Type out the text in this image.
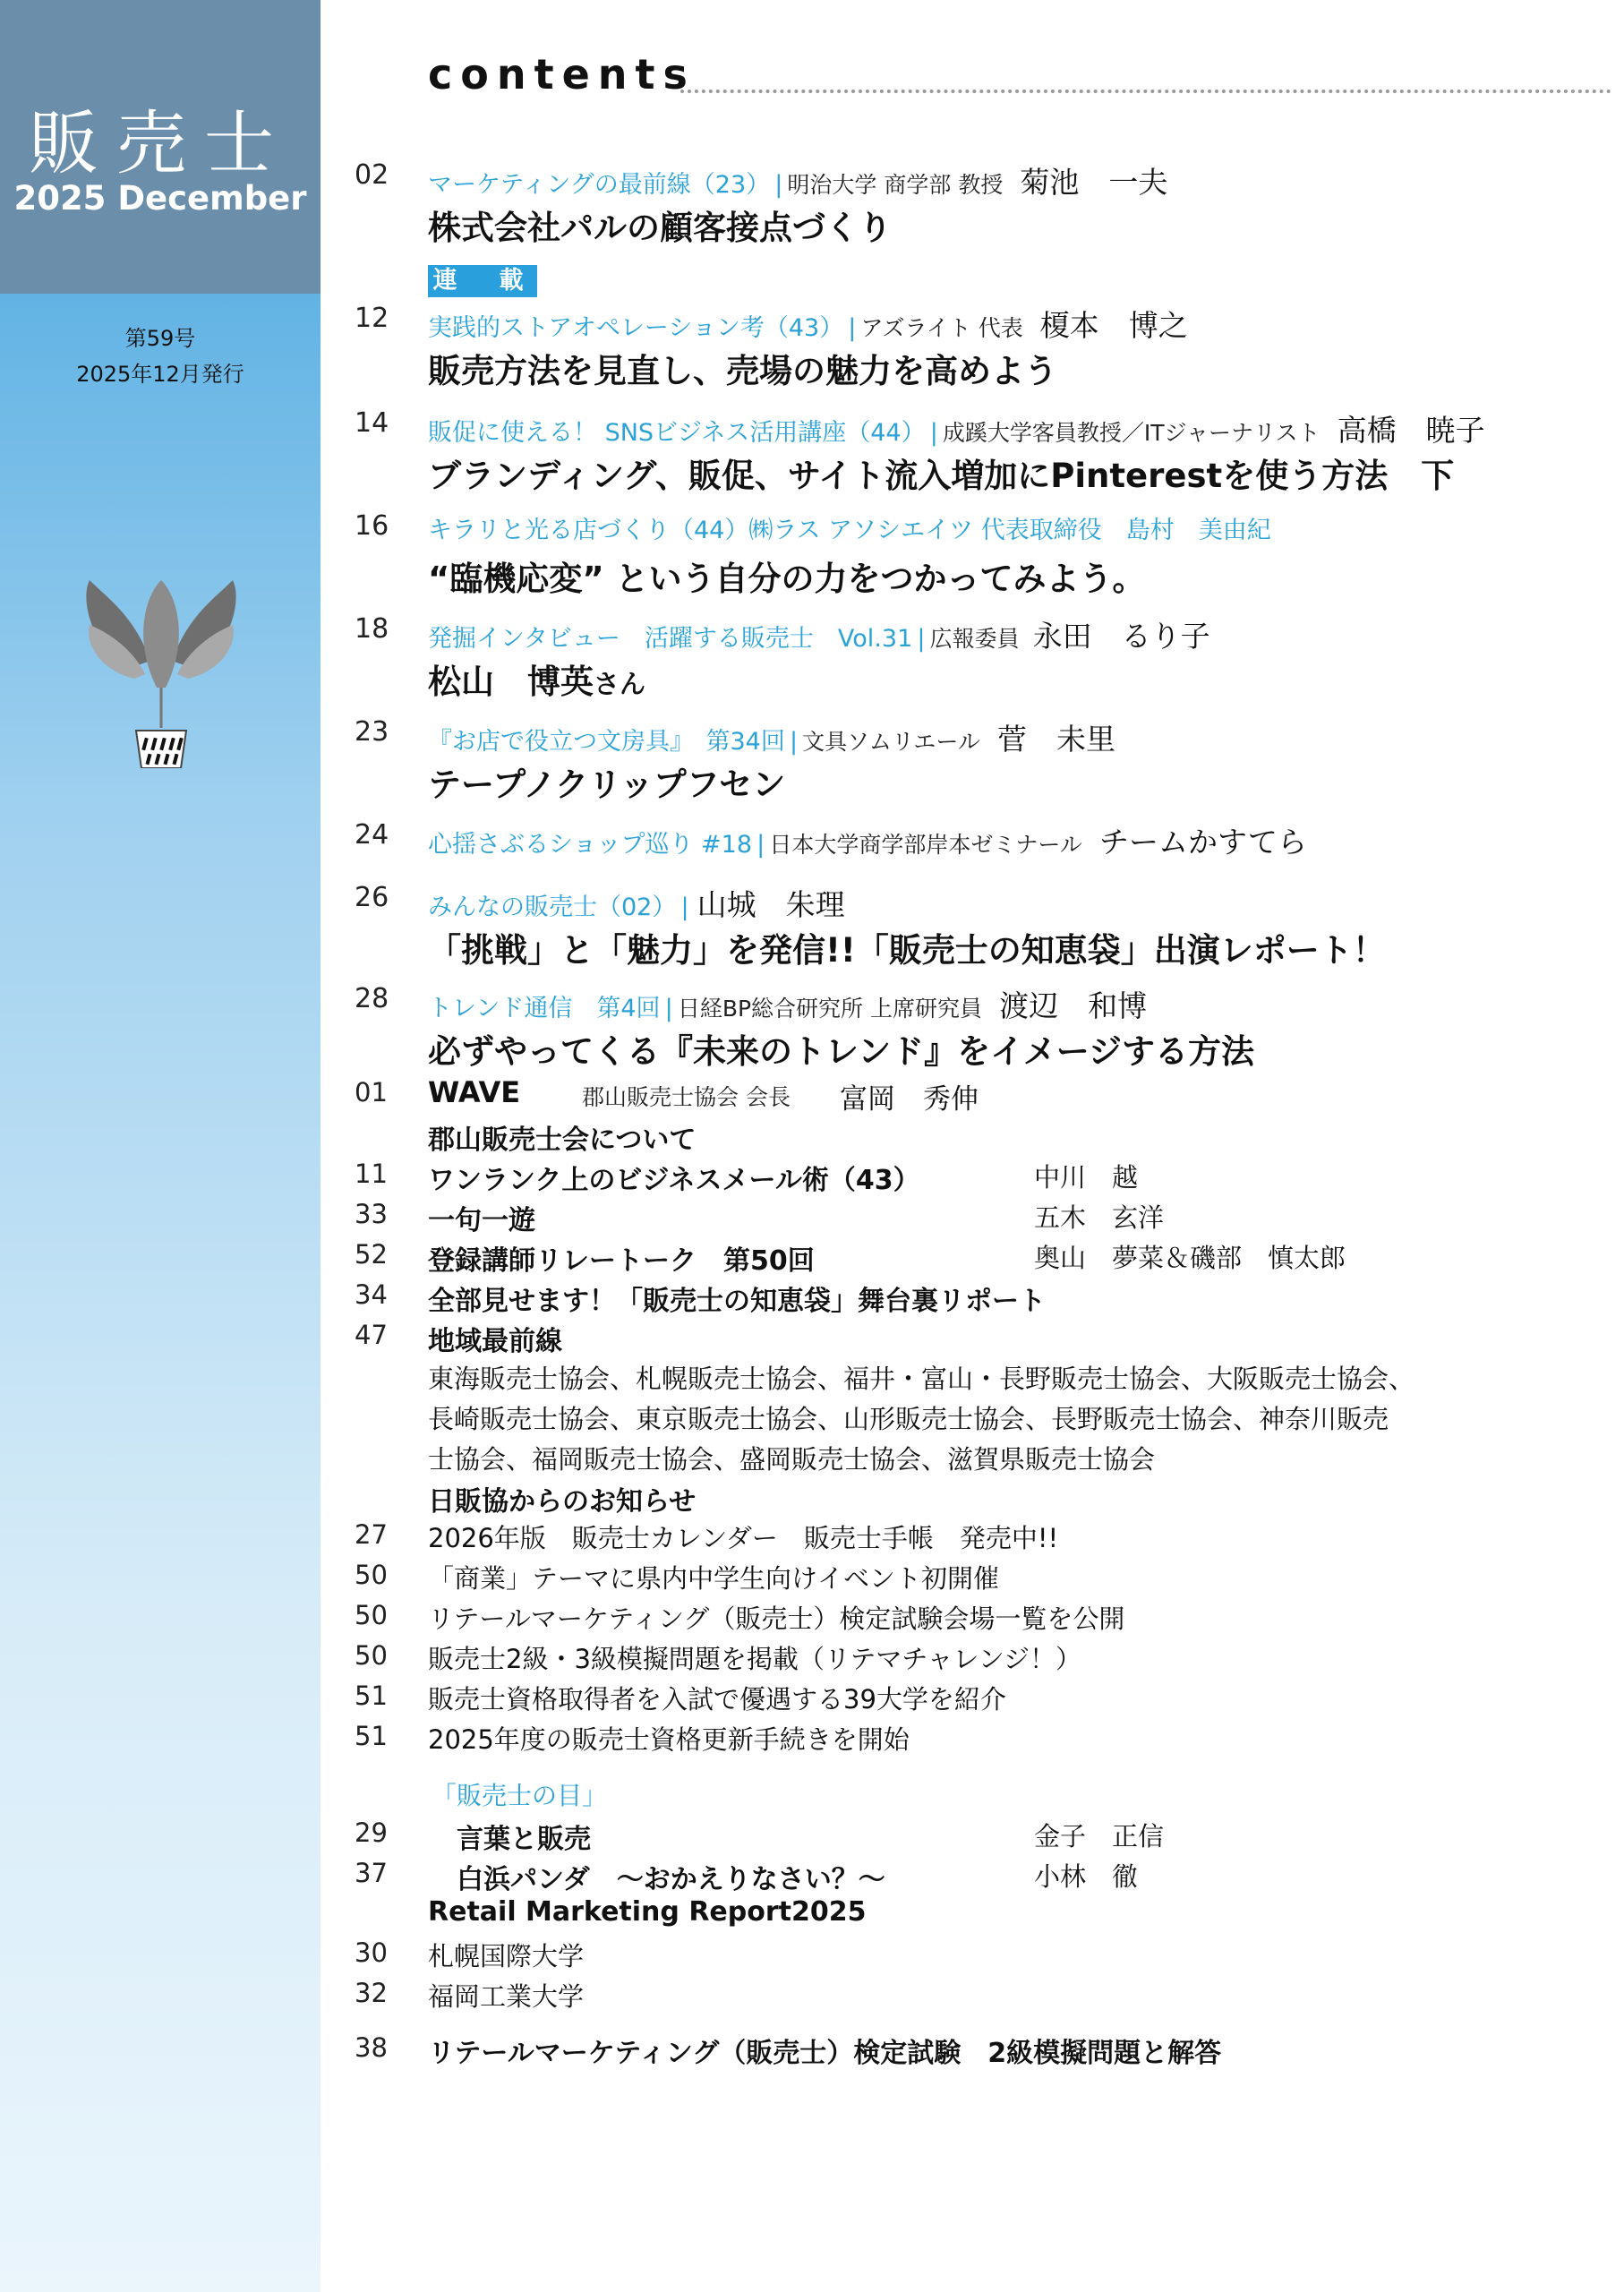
販売士
2025 December
第59号
2025年12月発行
contents
02 マーケティングの最前線（23） | 明治大学 商学部 教授 菊池　一夫
株式会社パルの顧客接点づくり
連　載
12 実践的ストアオペレーション考（43） | アズライト 代表 榎本　博之
販売方法を見直し、売場の魅力を高めよう
14 販促に使える！ SNSビジネス活用講座（44） | 成蹊大学客員教授／ITジャーナリスト 高橋　暁子
ブランディング、販促、サイト流入増加にPinterestを使う方法　下
16 キラリと光る店づくり（44）㈱ラス アソシエイツ 代表取締役　島村　美由紀
“臨機応変” という自分の力をつかってみよう。
18 発掘インタビュー　活躍する販売士　Vol.31 | 広報委員 永田　るり子
松山　博英さん
23 『お店で役立つ文房具』　第34回 | 文具ソムリエール 菅　未里
テープノクリップフセン
24 心揺さぶるショップ巡り #18 | 日本大学商学部岸本ゼミナール チームかすてら
26 みんなの販売士（02） | 山城　朱理
「挑戦」と「魅力」を発信!!「販売士の知恵袋」出演レポート！
28 トレンド通信　第4回 | 日経BP総合研究所 上席研究員 渡辺　和博
必ずやってくる『未来のトレンド』をイメージする方法
01 WAVE	郡山販売士協会 会長 富岡　秀伸
郡山販売士会について
11 ワンランク上のビジネスメール術（43）	中川　越
33 一句一遊	五木　玄洋
52 登録講師リレートーク　第50回	奥山　夢菜＆磯部　慎太郎
34 全部見せます！「販売士の知恵袋」舞台裏リポート
47 地域最前線
東海販売士協会、札幌販売士協会、福井・富山・長野販売士協会、大阪販売士協会、
長崎販売士協会、東京販売士協会、山形販売士協会、長野販売士協会、神奈川販売
士協会、福岡販売士協会、盛岡販売士協会、滋賀県販売士協会
日販協からのお知らせ
27 2026年版　販売士カレンダー　販売士手帳　発売中!!
50 「商業」テーマに県内中学生向けイベント初開催
50 リテールマーケティング（販売士）検定試験会場一覧を公開
50 販売士2級・3級模擬問題を掲載（リテマチャレンジ！）
51 販売士資格取得者を入試で優遇する39大学を紹介
51 2025年度の販売士資格更新手続きを開始
「販売士の目」
29	言葉と販売	金子　正信
37	白浜パンダ　～おかえりなさい？～	小林　徹
Retail Marketing Report2025
30 札幌国際大学
32 福岡工業大学
38 リテールマーケティング（販売士）検定試験　2級模擬問題と解答
